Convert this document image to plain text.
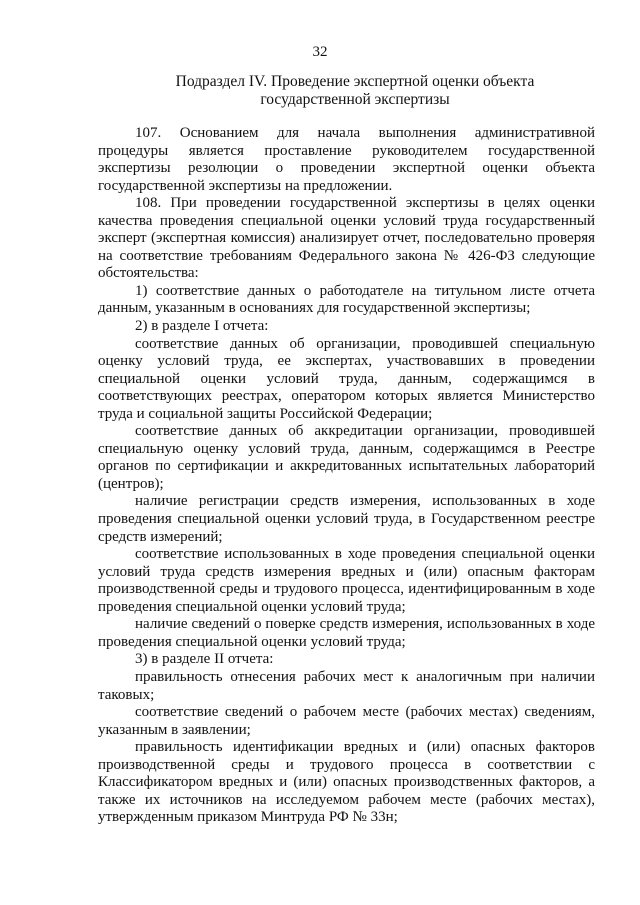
32
Подраздел IV. Проведение экспертной оценки объекта государственной экспертизы

107. Основанием для начала выполнения административной процедуры является проставление руководителем государственной экспертизы резолюции о проведении экспертной оценки объекта государственной экспертизы на предложении.

108. При проведении государственной экспертизы в целях оценки качества проведения специальной оценки условий труда государственный эксперт (экспертная комиссия) анализирует отчет, последовательно проверяя на соответствие требованиям Федерального закона № 426-ФЗ следующие обстоятельства:

1) соответствие данных о работодателе на титульном листе отчета данным, указанным в основаниях для государственной экспертизы;

2) в разделе I отчета:

соответствие данных об организации, проводившей специальную оценку условий труда, ее экспертах, участвовавших в проведении специальной оценки условий труда, данным, содержащимся в соответствующих реестрах, оператором которых является Министерство труда и социальной защиты Российской Федерации;

соответствие данных об аккредитации организации, проводившей специальную оценку условий труда, данным, содержащимся в Реестре органов по сертификации и аккредитованных испытательных лабораторий (центров);

наличие регистрации средств измерения, использованных в ходе проведения специальной оценки условий труда, в Государственном реестре средств измерений;

соответствие использованных в ходе проведения специальной оценки условий труда средств измерения вредных и (или) опасным факторам производственной среды и трудового процесса, идентифицированным в ходе проведения специальной оценки условий труда;

наличие сведений о поверке средств измерения, использованных в ходе проведения специальной оценки условий труда;

3) в разделе II отчета:

правильность отнесения рабочих мест к аналогичным при наличии таковых;

соответствие сведений о рабочем месте (рабочих местах) сведениям, указанным в заявлении;

правильность идентификации вредных и (или) опасных факторов производственной среды и трудового процесса в соответствии с Классификатором вредных и (или) опасных производственных факторов, а также их источников на исследуемом рабочем месте (рабочих местах), утвержденным приказом Минтруда РФ № 33н;
